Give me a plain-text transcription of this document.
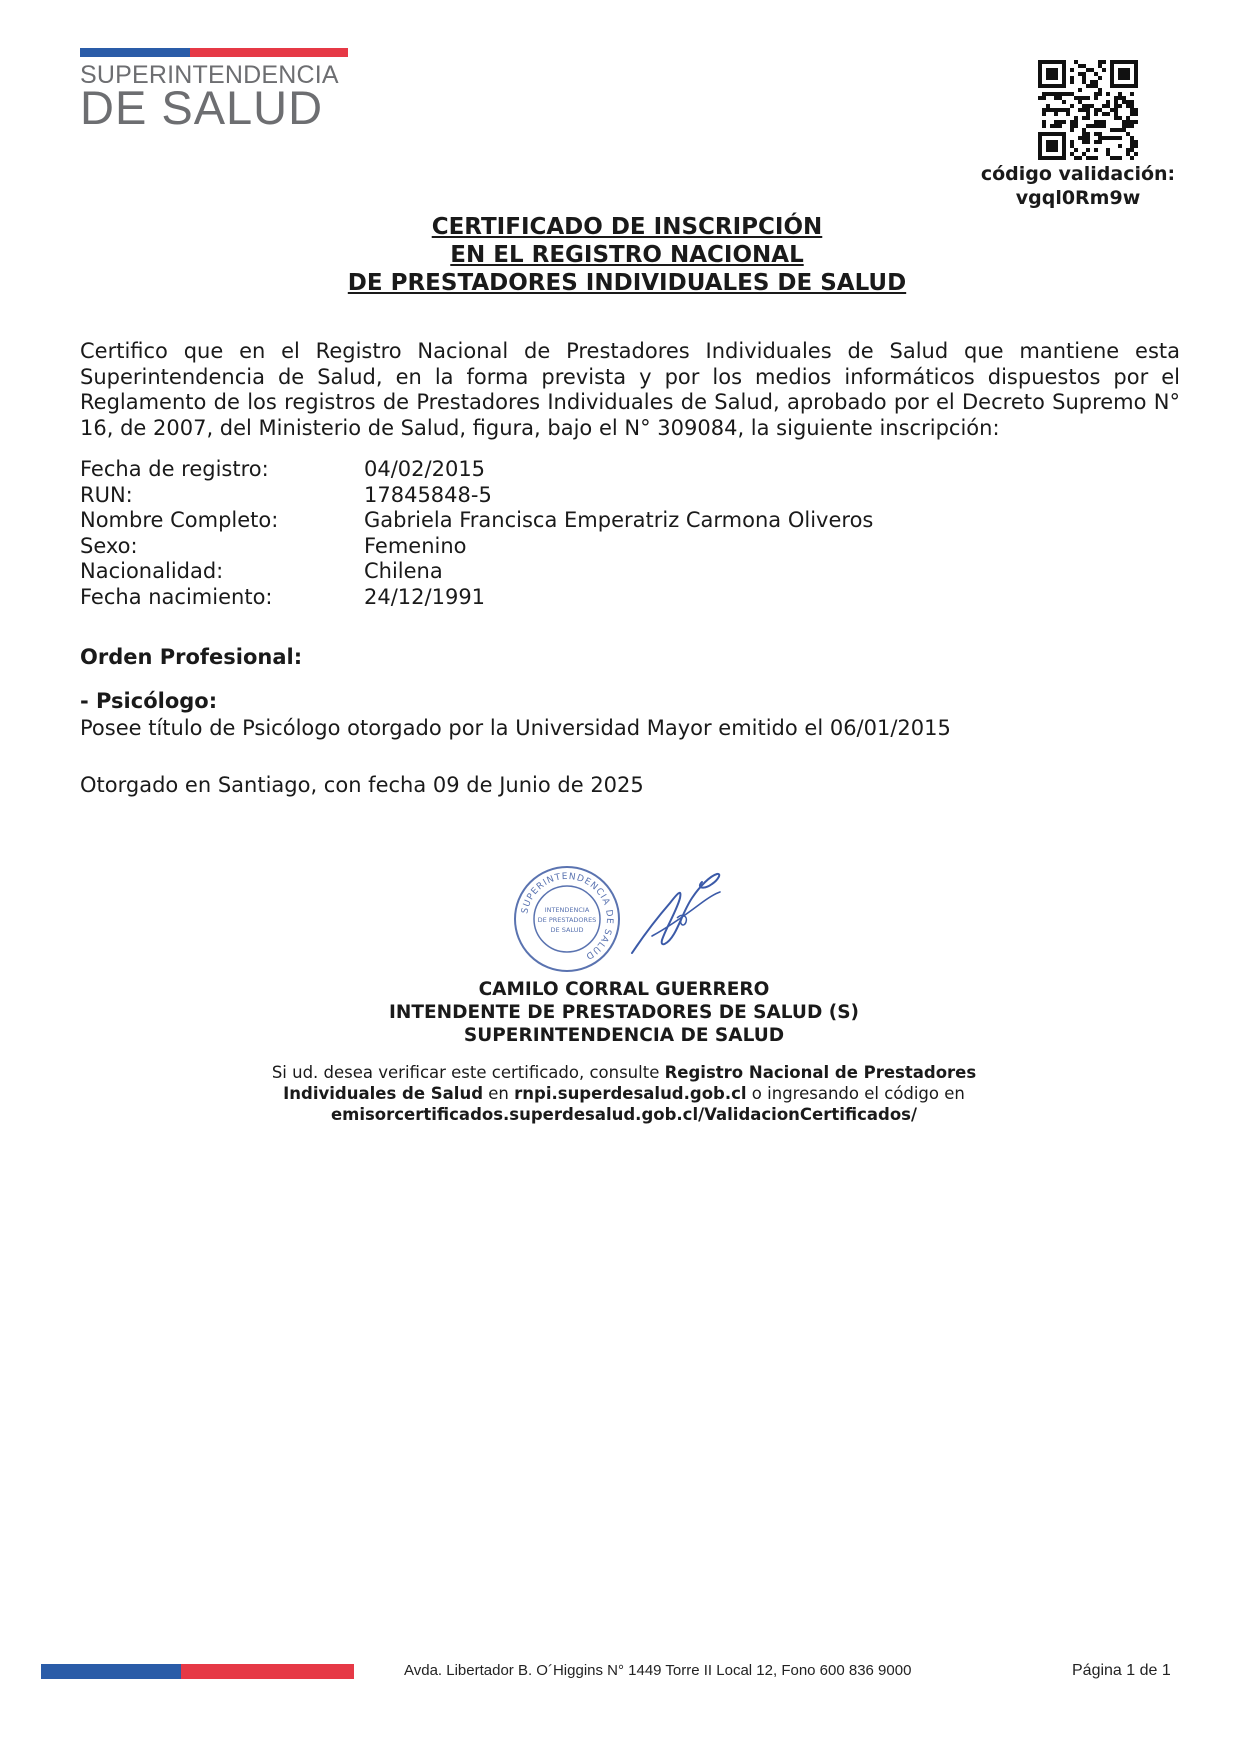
SUPERINTENDENCIA
DE SALUD
código validación:
vgql0Rm9w
CERTIFICADO DE INSCRIPCIÓN
EN EL REGISTRO NACIONAL
DE PRESTADORES INDIVIDUALES DE SALUD
Certifico que en el Registro Nacional de Prestadores Individuales de Salud que mantiene esta Superintendencia de Salud, en la forma prevista y por los medios informáticos dispuestos por el Reglamento de los registros de Prestadores Individuales de Salud, aprobado por el Decreto Supremo N° 16, de 2007, del Ministerio de Salud, figura, bajo el N° 309084, la siguiente inscripción:
Fecha de registro:	04/02/2015
RUN:	17845848-5
Nombre Completo:	Gabriela Francisca Emperatriz Carmona Oliveros
Sexo:	Femenino
Nacionalidad:	Chilena
Fecha nacimiento:	24/12/1991
Orden Profesional:
- Psicólogo:
Posee título de Psicólogo otorgado por la Universidad Mayor emitido el 06/01/2015
Otorgado en Santiago, con fecha 09 de Junio de 2025
SUPERINTENDENCIA DE SALUD
INTENDENCIA
DE PRESTADORES
DE SALUD
CAMILO CORRAL GUERRERO
INTENDENTE DE PRESTADORES DE SALUD (S)
SUPERINTENDENCIA DE SALUD
Si ud. desea verificar este certificado, consulte Registro Nacional de Prestadores
Individuales de Salud en rnpi.superdesalud.gob.cl o ingresando el código en
emisorcertificados.superdesalud.gob.cl/ValidacionCertificados/
Avda. Libertador B. O´Higgins N° 1449 Torre II Local 12, Fono 600 836 9000	Página 1 de 1
